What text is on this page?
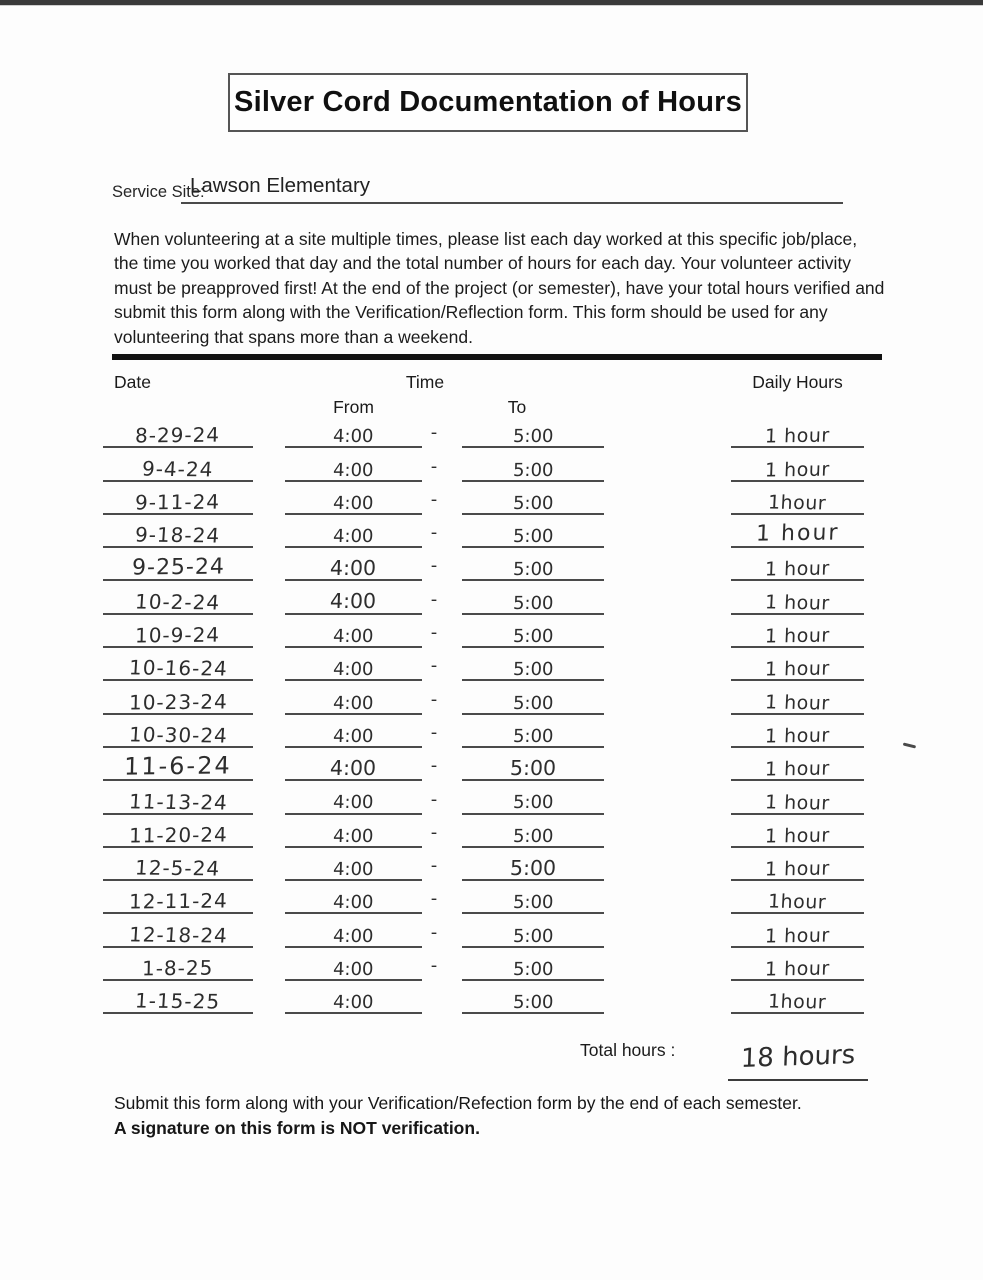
Silver Cord Documentation of Hours
Service Site:
Lawson Elementary
When volunteering at a site multiple times, please list each day worked at this specific job/place, the time you worked that day and the total number of hours for each day. Your volunteer activity must be preapproved first! At the end of the project (or semester), have your total hours verified and submit this form along with the Verification/Reflection form. This form should be used for any volunteering that spans more than a weekend.
Date	Time	Daily Hours
From	To
8-29-24	4:00	-	5:00	1 hour
9-4-24	4:00	-	5:00	1 hour
9-11-24	4:00	-	5:00	1hour
9-18-24	4:00	-	5:00	1 hour
9-25-24	4:00	-	5:00	1 hour
10-2-24	4:00	-	5:00	1 hour
10-9-24	4:00	-	5:00	1 hour
10-16-24	4:00	-	5:00	1 hour
10-23-24	4:00	-	5:00	1 hour
10-30-24	4:00	-	5:00	1 hour
11-6-24	4:00	-	5:00	1 hour
11-13-24	4:00	-	5:00	1 hour
11-20-24	4:00	-	5:00	1 hour
12-5-24	4:00	-	5:00	1 hour
12-11-24	4:00	-	5:00	1hour
12-18-24	4:00	-	5:00	1 hour
1-8-25	4:00	-	5:00	1 hour
1-15-25	4:00	5:00	1hour
Total hours :	18 hours
Submit this form along with your Verification/Refection form by the end of each semester.
A signature on this form is NOT verification.
